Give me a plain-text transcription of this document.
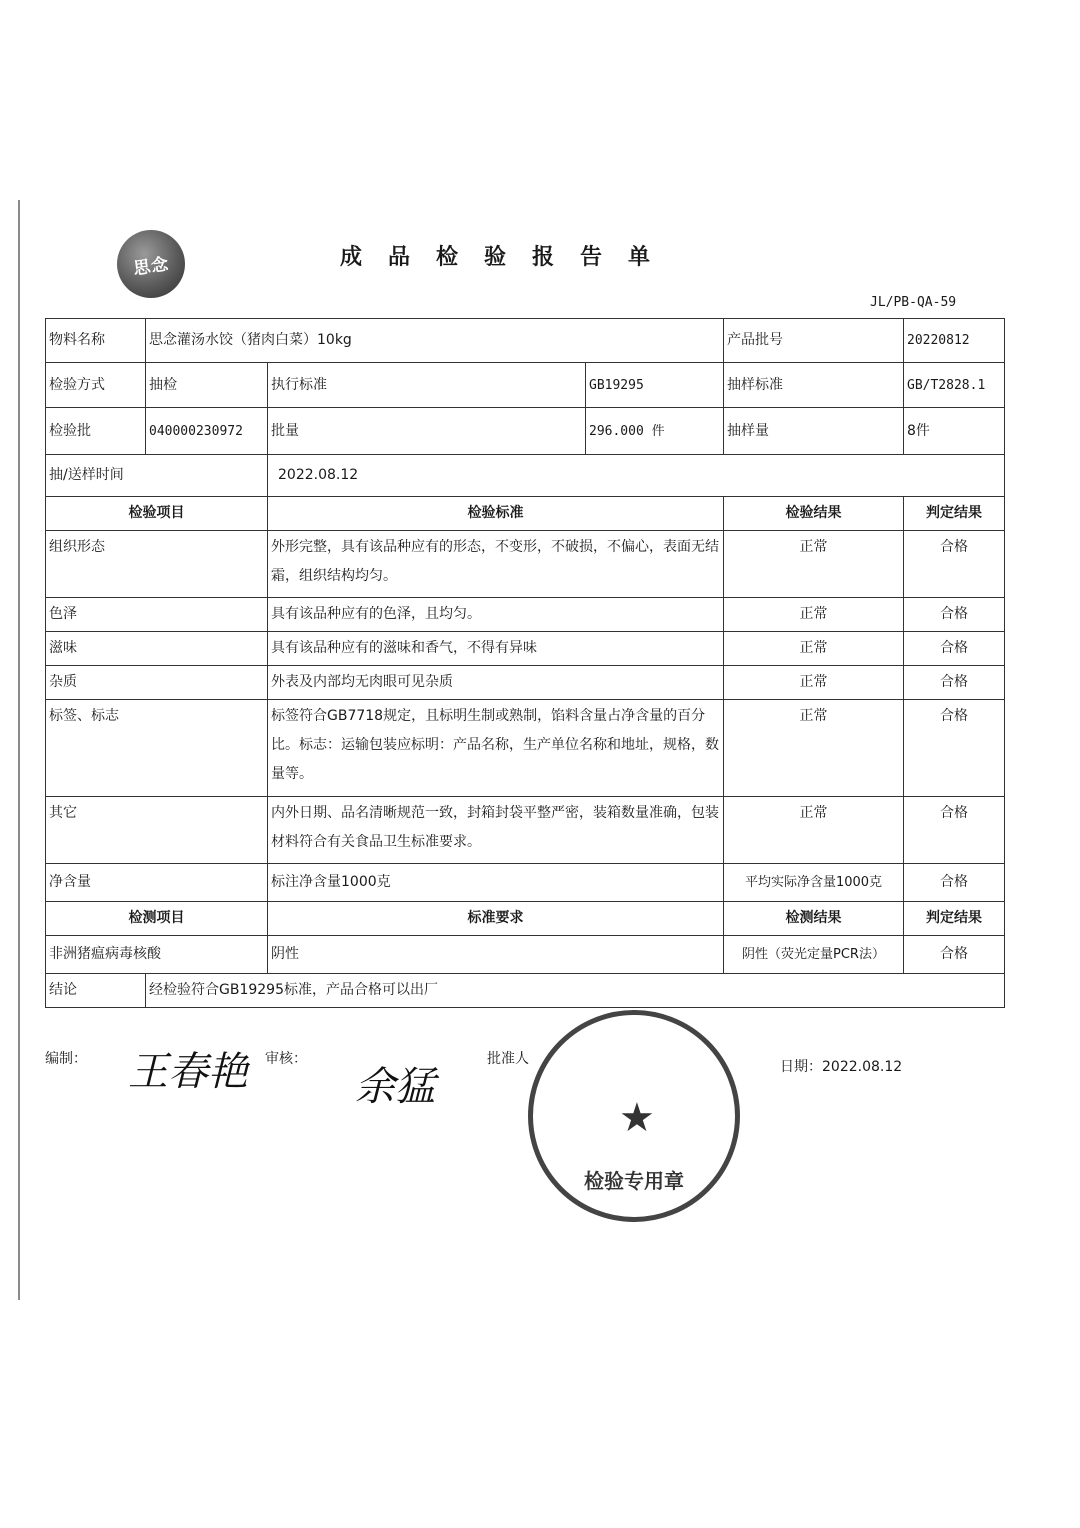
思念	成品检验报告单
JL/PB-QA-59
物料名称	思念灌汤水饺（猪肉白菜）10kg			产品批号	20220812
检验方式	抽检	执行标准	GB19295	抽样标准	GB/T2828.1
检验批	040000230972	批量	296.000 件	抽样量	8件
抽/送样时间		2022.08.12			
检验项目		检验标准		检验结果	判定结果
组织形态		外形完整，具有该品种应有的形态，不变形，不破损，不偏心，表面无结霜，组织结构均匀。		正常	合格
色泽		具有该品种应有的色泽，且均匀。		正常	合格
滋味		具有该品种应有的滋味和香气，不得有异味		正常	合格
杂质		外表及内部均无肉眼可见杂质		正常	合格
标签、标志		标签符合GB7718规定，且标明生制或熟制，馅料含量占净含量的百分比。标志：运输包装应标明：产品名称，生产单位名称和地址，规格，数量等。		正常	合格
其它		内外日期、品名清晰规范一致，封箱封袋平整严密，装箱数量准确，包装材料符合有关食品卫生标准要求。		正常	合格
净含量		标注净含量1000克		平均实际净含量1000克	合格
检测项目		标准要求		检测结果	判定结果
非洲猪瘟病毒核酸		阴性		阴性（荧光定量PCR法）	合格
结论	经检验符合GB19295标准，产品合格可以出厂				
编制： 王春艳 审核：
余猛
批准人	日期：2022.08.12
★
检验专用章
